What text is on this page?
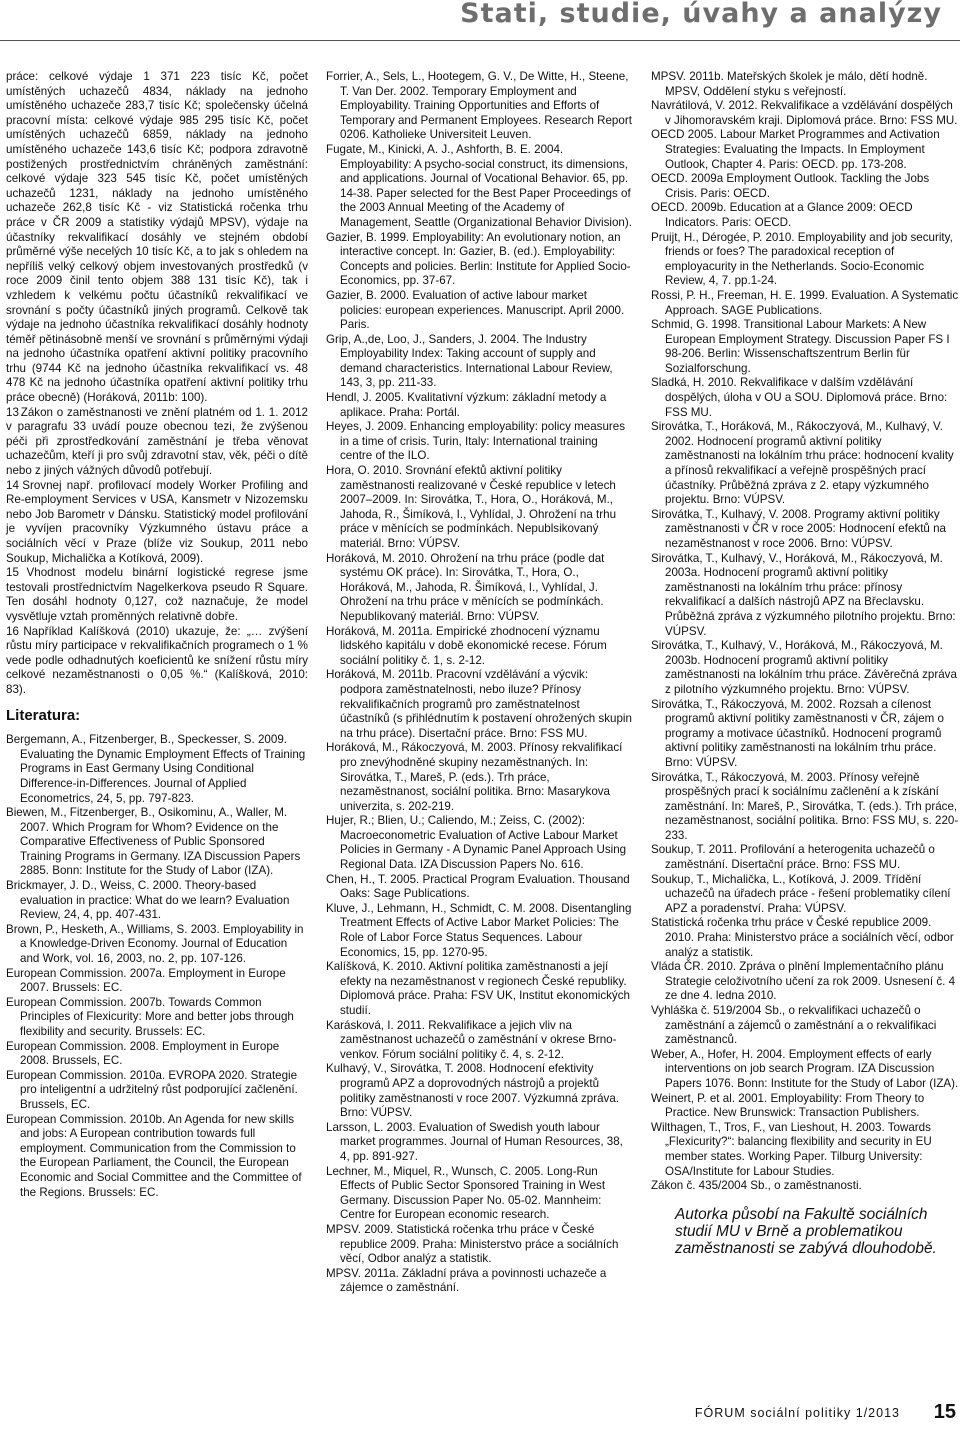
Stati, studie, úvahy a analýzy

práce: celkové výdaje 1 371 223 tisíc Kč, počet umístěných uchazečů 4834, náklady na jednoho umístěného uchazeče 283,7 tisíc Kč; společensky účelná pracovní místa: celkové výdaje 985 295 tisíc Kč, počet umístěných uchazečů 6859, náklady na jednoho umístěného uchazeče 143,6 tisíc Kč; podpora zdravotně postižených prostřednictvím chráněných zaměstnání: celkové výdaje 323 545 tisíc Kč, počet umístěných uchazečů 1231, náklady na jednoho umístěného uchazeče 262,8 tisíc Kč - viz Statistická ročenka trhu práce v ČR 2009 a statistiky výdajů MPSV), výdaje na účastníky rekvalifikací dosáhly ve stejném období průměrné výše necelých 10 tisíc Kč, a to jak s ohledem na nepříliš velký celkový objem investovaných prostředků (v roce 2009 činil tento objem 388 131 tisíc Kč), tak i vzhledem k velkému počtu účastníků rekvalifikací ve srovnání s počty účastníků jiných programů. Celkově tak výdaje na jednoho účastníka rekvalifikací dosáhly hodnoty téměř pětinásobně menší ve srovnání s průměrnými výdaji na jednoho účastníka opatření aktivní politiky pracovního trhu (9744 Kč na jednoho účastníka rekvalifikací vs. 48 478 Kč na jednoho účastníka opatření aktivní politiky trhu práce obecně) (Horáková, 2011b: 100).

13 Zákon o zaměstnanosti ve znění platném od 1. 1. 2012 v paragrafu 33 uvádí pouze obecnou tezi, že zvýšenou péči při zprostředkování zaměstnání je třeba věnovat uchazečům, kteří ji pro svůj zdravotní stav, věk, péči o dítě nebo z jiných vážných důvodů potřebují.

14 Srovnej např. profilovací modely Worker Profiling and Re-employment Services v USA, Kansmetr v Nizozemsku nebo Job Barometr v Dánsku. Statistický model profilování je vyvíjen pracovníky Výzkumného ústavu práce a sociálních věcí v Praze (blíže viz Soukup, 2011 nebo Soukup, Michalička a Kotíková, 2009).

15 Vhodnost modelu binární logistické regrese jsme testovali prostřednictvím Nagelkerkova pseudo R Square. Ten dosáhl hodnoty 0,127, což naznačuje, že model vysvětluje vztah proměnných relativně dobře.

16 Například Kalíšková (2010) ukazuje, že: „… zvýšení růstu míry participace v rekvalifikačních programech o 1 % vede podle odhadnutých koeficientů ke snížení růstu míry celkové nezaměstnanosti o 0,05 %.“ (Kalíšková, 2010: 83).

Literatura:

Bergemann, A., Fitzenberger, B., Speckesser, S. 2009. Evaluating the Dynamic Employment Effects of Training Programs in East Germany Using Conditional Difference-in-Differences. Journal of Applied Econometrics, 24, 5, pp. 797-823.

Biewen, M., Fitzenberger, B., Osikominu, A., Waller, M. 2007. Which Program for Whom? Evidence on the Comparative Effectiveness of Public Sponsored Training Programs in Germany. IZA Discussion Papers 2885. Bonn: Institute for the Study of Labor (IZA).

Brickmayer, J. D., Weiss, C. 2000. Theory-based evaluation in practice: What do we learn? Evaluation Review, 24, 4, pp. 407-431.

Brown, P., Hesketh, A., Williams, S. 2003. Employability in a Knowledge-Driven Economy. Journal of Education and Work, vol. 16, 2003, no. 2, pp. 107-126.

European Commission. 2007a. Employment in Europe 2007. Brussels: EC.

European Commission. 2007b. Towards Common Principles of Flexicurity: More and better jobs through flexibility and security. Brussels: EC.

European Commission. 2008. Employment in Europe 2008. Brussels, EC.

European Commission. 2010a. EVROPA 2020. Strategie pro inteligentní a udržitelný růst podporující začlenění. Brussels, EC.

European Commission. 2010b. An Agenda for new skills and jobs: A European contribution towards full employment. Communication from the Commission to the European Parliament, the Council, the European Economic and Social Committee and the Committee of the Regions. Brussels: EC.

Forrier, A., Sels, L., Hootegem, G. V., De Witte, H., Steene, T. Van Der. 2002. Temporary Employment and Employability. Training Opportunities and Efforts of Temporary and Permanent Employees. Research Report 0206. Katholieke Universiteit Leuven.

Fugate, M., Kinicki, A. J., Ashforth, B. E. 2004. Employability: A psycho-social construct, its dimensions, and applications. Journal of Vocational Behavior. 65, pp. 14-38. Paper selected for the Best Paper Proceedings of the 2003 Annual Meeting of the Academy of Management, Seattle (Organizational Behavior Division).

Gazier, B. 1999. Employability: An evolutionary notion, an interactive concept. In: Gazier, B. (ed.). Employability: Concepts and policies. Berlin: Institute for Applied Socio-Economics, pp. 37-67.

Gazier, B. 2000. Evaluation of active labour market policies: european experiences. Manuscript. April 2000. Paris.

Grip, A.,de, Loo, J., Sanders, J. 2004. The Industry Employability Index: Taking account of supply and demand characteristics. International Labour Review, 143, 3, pp. 211-33.

Hendl, J. 2005. Kvalitativní výzkum: základní metody a aplikace. Praha: Portál.

Heyes, J. 2009. Enhancing employability: policy measures in a time of crisis. Turin, Italy: International training centre of the ILO.

Hora, O. 2010. Srovnání efektů aktivní politiky zaměstnanosti realizované v České republice v letech 2007–2009. In: Sirovátka, T., Hora, O., Horáková, M., Jahoda, R., Šimíková, I., Vyhlídal, J. Ohrožení na trhu práce v měnících se podmínkách. Nepublsikovaný materiál. Brno: VÚPSV.

Horáková, M. 2010. Ohrožení na trhu práce (podle dat systému OK práce). In: Sirovátka, T., Hora, O., Horáková, M., Jahoda, R. Šimíková, I., Vyhlídal, J. Ohrožení na trhu práce v měnících se podmínkách. Nepublikovaný materiál. Brno: VÚPSV.

Horáková, M. 2011a. Empirické zhodnocení významu lidského kapitálu v době ekonomické recese. Fórum sociální politiky č. 1, s. 2-12.

Horáková, M. 2011b. Pracovní vzdělávání a výcvik: podpora zaměstnatelnosti, nebo iluze? Přínosy rekvalifikačních programů pro zaměstnatelnost účastníků (s přihlédnutím k postavení ohrožených skupin na trhu práce). Disertační práce. Brno: FSS MU.

Horáková, M., Rákoczyová, M. 2003. Přínosy rekvalifikací pro znevýhodněné skupiny nezaměstnaných. In: Sirovátka, T., Mareš, P. (eds.). Trh práce, nezaměstnanost, sociální politika. Brno: Masarykova univerzita, s. 202-219.

Hujer, R.; Blien, U.; Caliendo, M.; Zeiss, C. (2002): Macroeconometric Evaluation of Active Labour Market Policies in Germany - A Dynamic Panel Approach Using Regional Data. IZA Discussion Papers No. 616.

Chen, H., T. 2005. Practical Program Evaluation. Thousand Oaks: Sage Publications.

Kluve, J., Lehmann, H., Schmidt, C. M. 2008. Disentangling Treatment Effects of Active Labor Market Policies: The Role of Labor Force Status Sequences. Labour Economics, 15, pp. 1270-95.

Kalíšková, K. 2010. Aktivní politika zaměstnanosti a její efekty na nezaměstnanost v regionech České republiky. Diplomová práce. Praha: FSV UK, Institut ekonomických studií.

Karásková, I. 2011. Rekvalifikace a jejich vliv na zaměstnanost uchazečů o zaměstnání v okrese Brno-venkov. Fórum sociální politiky č. 4, s. 2-12.

Kulhavý, V., Sirovátka, T. 2008. Hodnocení efektivity programů APZ a doprovodných nástrojů a projektů politiky zaměstnanosti v roce 2007. Výzkumná zpráva. Brno: VÚPSV.

Larsson, L. 2003. Evaluation of Swedish youth labour market programmes. Journal of Human Resources, 38, 4, pp. 891-927.

Lechner, M., Miquel, R., Wunsch, C. 2005. Long-Run Effects of Public Sector Sponsored Training in West Germany. Discussion Paper No. 05-02. Mannheim: Centre for European economic research.

MPSV. 2009. Statistická ročenka trhu práce v České republice 2009. Praha: Ministerstvo práce a sociálních věcí, Odbor analýz a statistik.

MPSV. 2011a. Základní práva a povinnosti uchazeče a zájemce o zaměstnání.

MPSV. 2011b. Mateřských školek je málo, dětí hodně. MPSV, Oddělení styku s veřejností.

Navrátilová, V. 2012. Rekvalifikace a vzdělávání dospělých v Jihomoravském kraji. Diplomová práce. Brno: FSS MU.

OECD 2005. Labour Market Programmes and Activation Strategies: Evaluating the Impacts. In Employment Outlook, Chapter 4. Paris: OECD. pp. 173-208.

OECD. 2009a Employment Outlook. Tackling the Jobs Crisis. Paris: OECD.

OECD. 2009b. Education at a Glance 2009: OECD Indicators. Paris: OECD.

Pruijt, H., Dérogée, P. 2010. Employability and job security, friends or foes? The paradoxical reception of employacurity in the Netherlands. Socio-Economic Review, 4, 7. pp.1-24.

Rossi, P. H., Freeman, H. E. 1999. Evaluation. A Systematic Approach. SAGE Publications.

Schmid, G. 1998. Transitional Labour Markets: A New European Employment Strategy. Discussion Paper FS I 98-206. Berlin: Wissenschaftszentrum Berlin für Sozialforschung.

Sladká, H. 2010. Rekvalifikace v dalším vzdělávání dospělých, úloha v OU a SOU. Diplomová práce. Brno: FSS MU.

Sirovátka, T., Horáková, M., Rákoczyová, M., Kulhavý, V. 2002. Hodnocení programů aktivní politiky zaměstnanosti na lokálním trhu práce: hodnocení kvality a přínosů rekvalifikací a veřejně prospěšných prací účastníky. Průběžná zpráva z 2. etapy výzkumného projektu. Brno: VÚPSV.

Sirovátka, T., Kulhavý, V. 2008. Programy aktivní politiky zaměstnanosti v ČR v roce 2005: Hodnocení efektů na nezaměstnanost v roce 2006. Brno: VÚPSV.

Sirovátka, T., Kulhavý, V., Horáková, M., Rákoczyová, M. 2003a. Hodnocení programů aktivní politiky zaměstnanosti na lokálním trhu práce: přínosy rekvalifikací a dalších nástrojů APZ na Břeclavsku. Průběžná zpráva z výzkumného pilotního projektu. Brno: VÚPSV.

Sirovátka, T., Kulhavý, V., Horáková, M., Rákoczyová, M. 2003b. Hodnocení programů aktivní politiky zaměstnanosti na lokálním trhu práce. Závěrečná zpráva z pilotního výzkumného projektu. Brno: VÚPSV.

Sirovátka, T., Rákoczyová, M. 2002. Rozsah a cílenost programů aktivní politiky zaměstnanosti v ČR, zájem o programy a motivace účastníků. Hodnocení programů aktivní politiky zaměstnanosti na lokálním trhu práce. Brno: VÚPSV.

Sirovátka, T., Rákoczyová, M. 2003. Přínosy veřejně prospěšných prací k sociálnímu začlenění a k získání zaměstnání. In: Mareš, P., Sirovátka, T. (eds.). Trh práce, nezaměstnanost, sociální politika. Brno: FSS MU, s. 220-233.

Soukup, T. 2011. Profilování a heterogenita uchazečů o zaměstnání. Disertační práce. Brno: FSS MU.

Soukup, T., Michalička, L., Kotíková, J. 2009. Třídění uchazečů na úřadech práce - řešení problematiky cílení APZ a poradenství. Praha: VÚPSV.

Statistická ročenka trhu práce v České republice 2009. 2010. Praha: Ministerstvo práce a sociálních věcí, odbor analýz a statistik.

Vláda ČR. 2010. Zpráva o plnění Implementačního plánu Strategie celoživotního učení za rok 2009. Usnesení č. 4 ze dne 4. ledna 2010.

Vyhláška č. 519/2004 Sb., o rekvalifikaci uchazečů o zaměstnání a zájemců o zaměstnání a o rekvalifikaci zaměstnanců.

Weber, A., Hofer, H. 2004. Employment effects of early interventions on job search Program. IZA Discussion Papers 1076. Bonn: Institute for the Study of Labor (IZA).

Weinert, P. et al. 2001. Employability: From Theory to Practice. New Brunswick: Transaction Publishers.

Wilthagen, T., Tros, F., van Lieshout, H. 2003. Towards „Flexicurity?“: balancing flexibility and security in EU member states. Working Paper. Tilburg University: OSA/Institute for Labour Studies.

Zákon č. 435/2004 Sb., o zaměstnanosti.

Autorka působí na Fakultě sociálních studií MU v Brně a problematikou zaměstnanosti se zabývá dlouhodobě.
FÓRUM sociální politiky 1/2013 15
